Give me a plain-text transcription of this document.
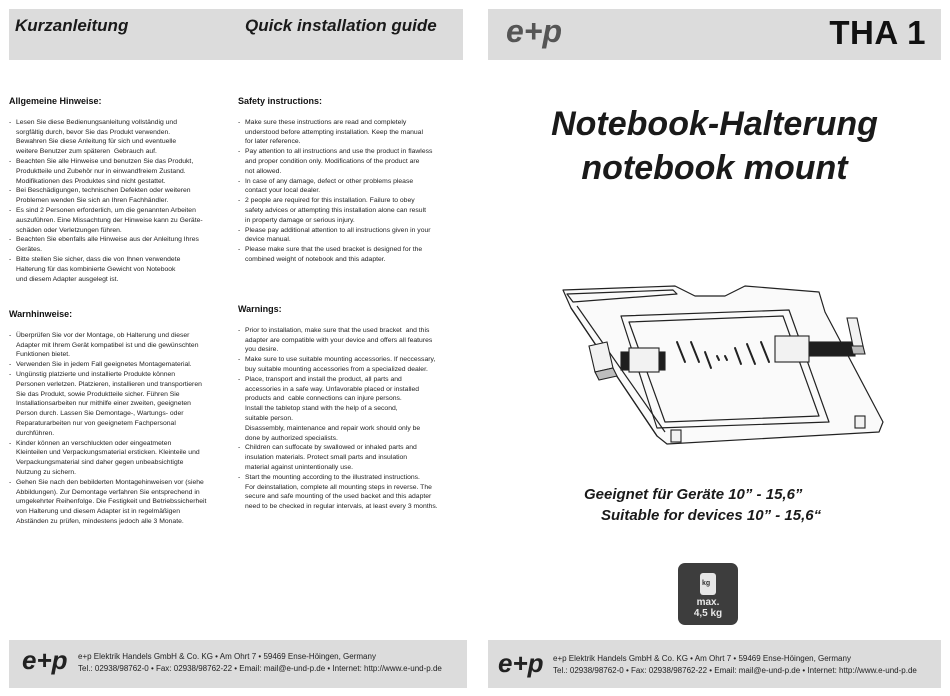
Kurzanleitung	Quick installation guide e+p	THA 1
Allgemeine Hinweise:
- Lesen Sie diese Bedienungsanleitung vollständig und
sorgfältig durch, bevor Sie das Produkt verwenden.
Bewahren Sie diese Anleitung für sich und eventuelle
weitere Benutzer zum späteren  Gebrauch auf.
- Beachten Sie alle Hinweise und benutzen Sie das Produkt,
Produktteile und Zubehör nur in einwandfreiem Zustand.
Modifikationen des Produktes sind nicht gestattet.
- Bei Beschädigungen, technischen Defekten oder weiteren
Problemen wenden Sie sich an Ihren Fachhändler.
- Es sind 2 Personen erforderlich, um die genannten Arbeiten
auszuführen. Eine Missachtung der Hinweise kann zu Geräte-
schäden oder Verletzungen führen.
- Beachten Sie ebenfalls alle Hinweise aus der Anleitung Ihres
Gerätes.
- Bitte stellen Sie sicher, dass die von Ihnen verwendete
Halterung für das kombinierte Gewicht von Notebook
und diesem Adapter ausgelegt ist.
Safety instructions:
- Make sure these instructions are read and completely
understood before attempting installation. Keep the manual
for later reference.
- Pay attention to all instructions and use the product in flawless
and proper condition only. Modifications of the product are
not allowed.
- In case of any damage, defect or other problems please
contact your local dealer.
- 2 people are required for this installation. Failure to obey
safety advices or attempting this installation alone can result
in property damage or serious injury.
- Please pay additional attention to all instructions given in your
device manual.
- Please make sure that the used bracket is designed for the
combined weight of notebook and this adapter.
Warnhinweise:
- Überprüfen Sie vor der Montage, ob Halterung und dieser
Adapter mit Ihrem Gerät kompatibel ist und die gewünschten
Funktionen bietet.
- Verwenden Sie in jedem Fall geeignetes Montagematerial.
- Ungünstig platzierte und installierte Produkte können
Personen verletzen. Platzieren, installieren und transportieren
Sie das Produkt, sowie Produktteile sicher. Führen Sie
Installationsarbeiten nur mithilfe einer zweiten, geeigneten
Person durch. Lassen Sie Demontage-, Wartungs- oder
Reparaturarbeiten nur von geeignetem Fachpersonal
durchführen.
- Kinder können an verschluckten oder eingeatmeten
Kleinteilen und Verpackungsmaterial ersticken. Kleinteile und
Verpackungsmaterial sind daher gegen unbeabsichtigte
Nutzung zu sichern.
- Gehen Sie nach den bebilderten Montagehinweisen vor (siehe
Abbildungen). Zur Demontage verfahren Sie entsprechend in
umgekehrter Reihenfolge. Die Festigkeit und Betriebssicherheit
von Halterung und diesem Adapter ist in regelmäßigen
Abständen zu prüfen, mindestens jedoch alle 3 Monate.
Warnings:
- Prior to installation, make sure that the used bracket  and this
adapter are compatible with your device and offers all features
you desire.
- Make sure to use suitable mounting accessories. If neccessary,
buy suitable mounting accessories from a specialized dealer.
- Place, transport and install the product, all parts and
accessories in a safe way. Unfavorable placed or installed
products and  cable connections can injure persons.
Install the tabletop stand with the help of a second,
suitable person.
Disassembly, maintenance and repair work should only be
done by authorized specialists.
- Children can suffocate by swallowed or inhaled parts and
insulation materials. Protect small parts and insulation
material against unintentionally use.
- Start the mounting according to the illustrated instructions.
For deinstallation, complete all mounting steps in reverse. The
secure and safe mounting of the used backet and this adapter
need to be checked in regular intervals, at least every 3 months.
Notebook-Halterung
notebook mount
Geeignet für Geräte 10” - 15,6”
Suitable for devices 10” - 15,6“
kg
max.
4,5 kg
e+p	e+p
e+p Elektrik Handels GmbH & Co. KG • Am Ohrt 7 • 59469 Ense-Höingen, Germany
Tel.: 02938/98762-0 • Fax: 02938/98762-22 • Email: mail@e-und-p.de • Internet: http://www.e-und-p.de
e+p Elektrik Handels GmbH & Co. KG • Am Ohrt 7 • 59469 Ense-Höingen, Germany
Tel.: 02938/98762-0 • Fax: 02938/98762-22 • Email: mail@e-und-p.de • Internet: http://www.e-und-p.de
